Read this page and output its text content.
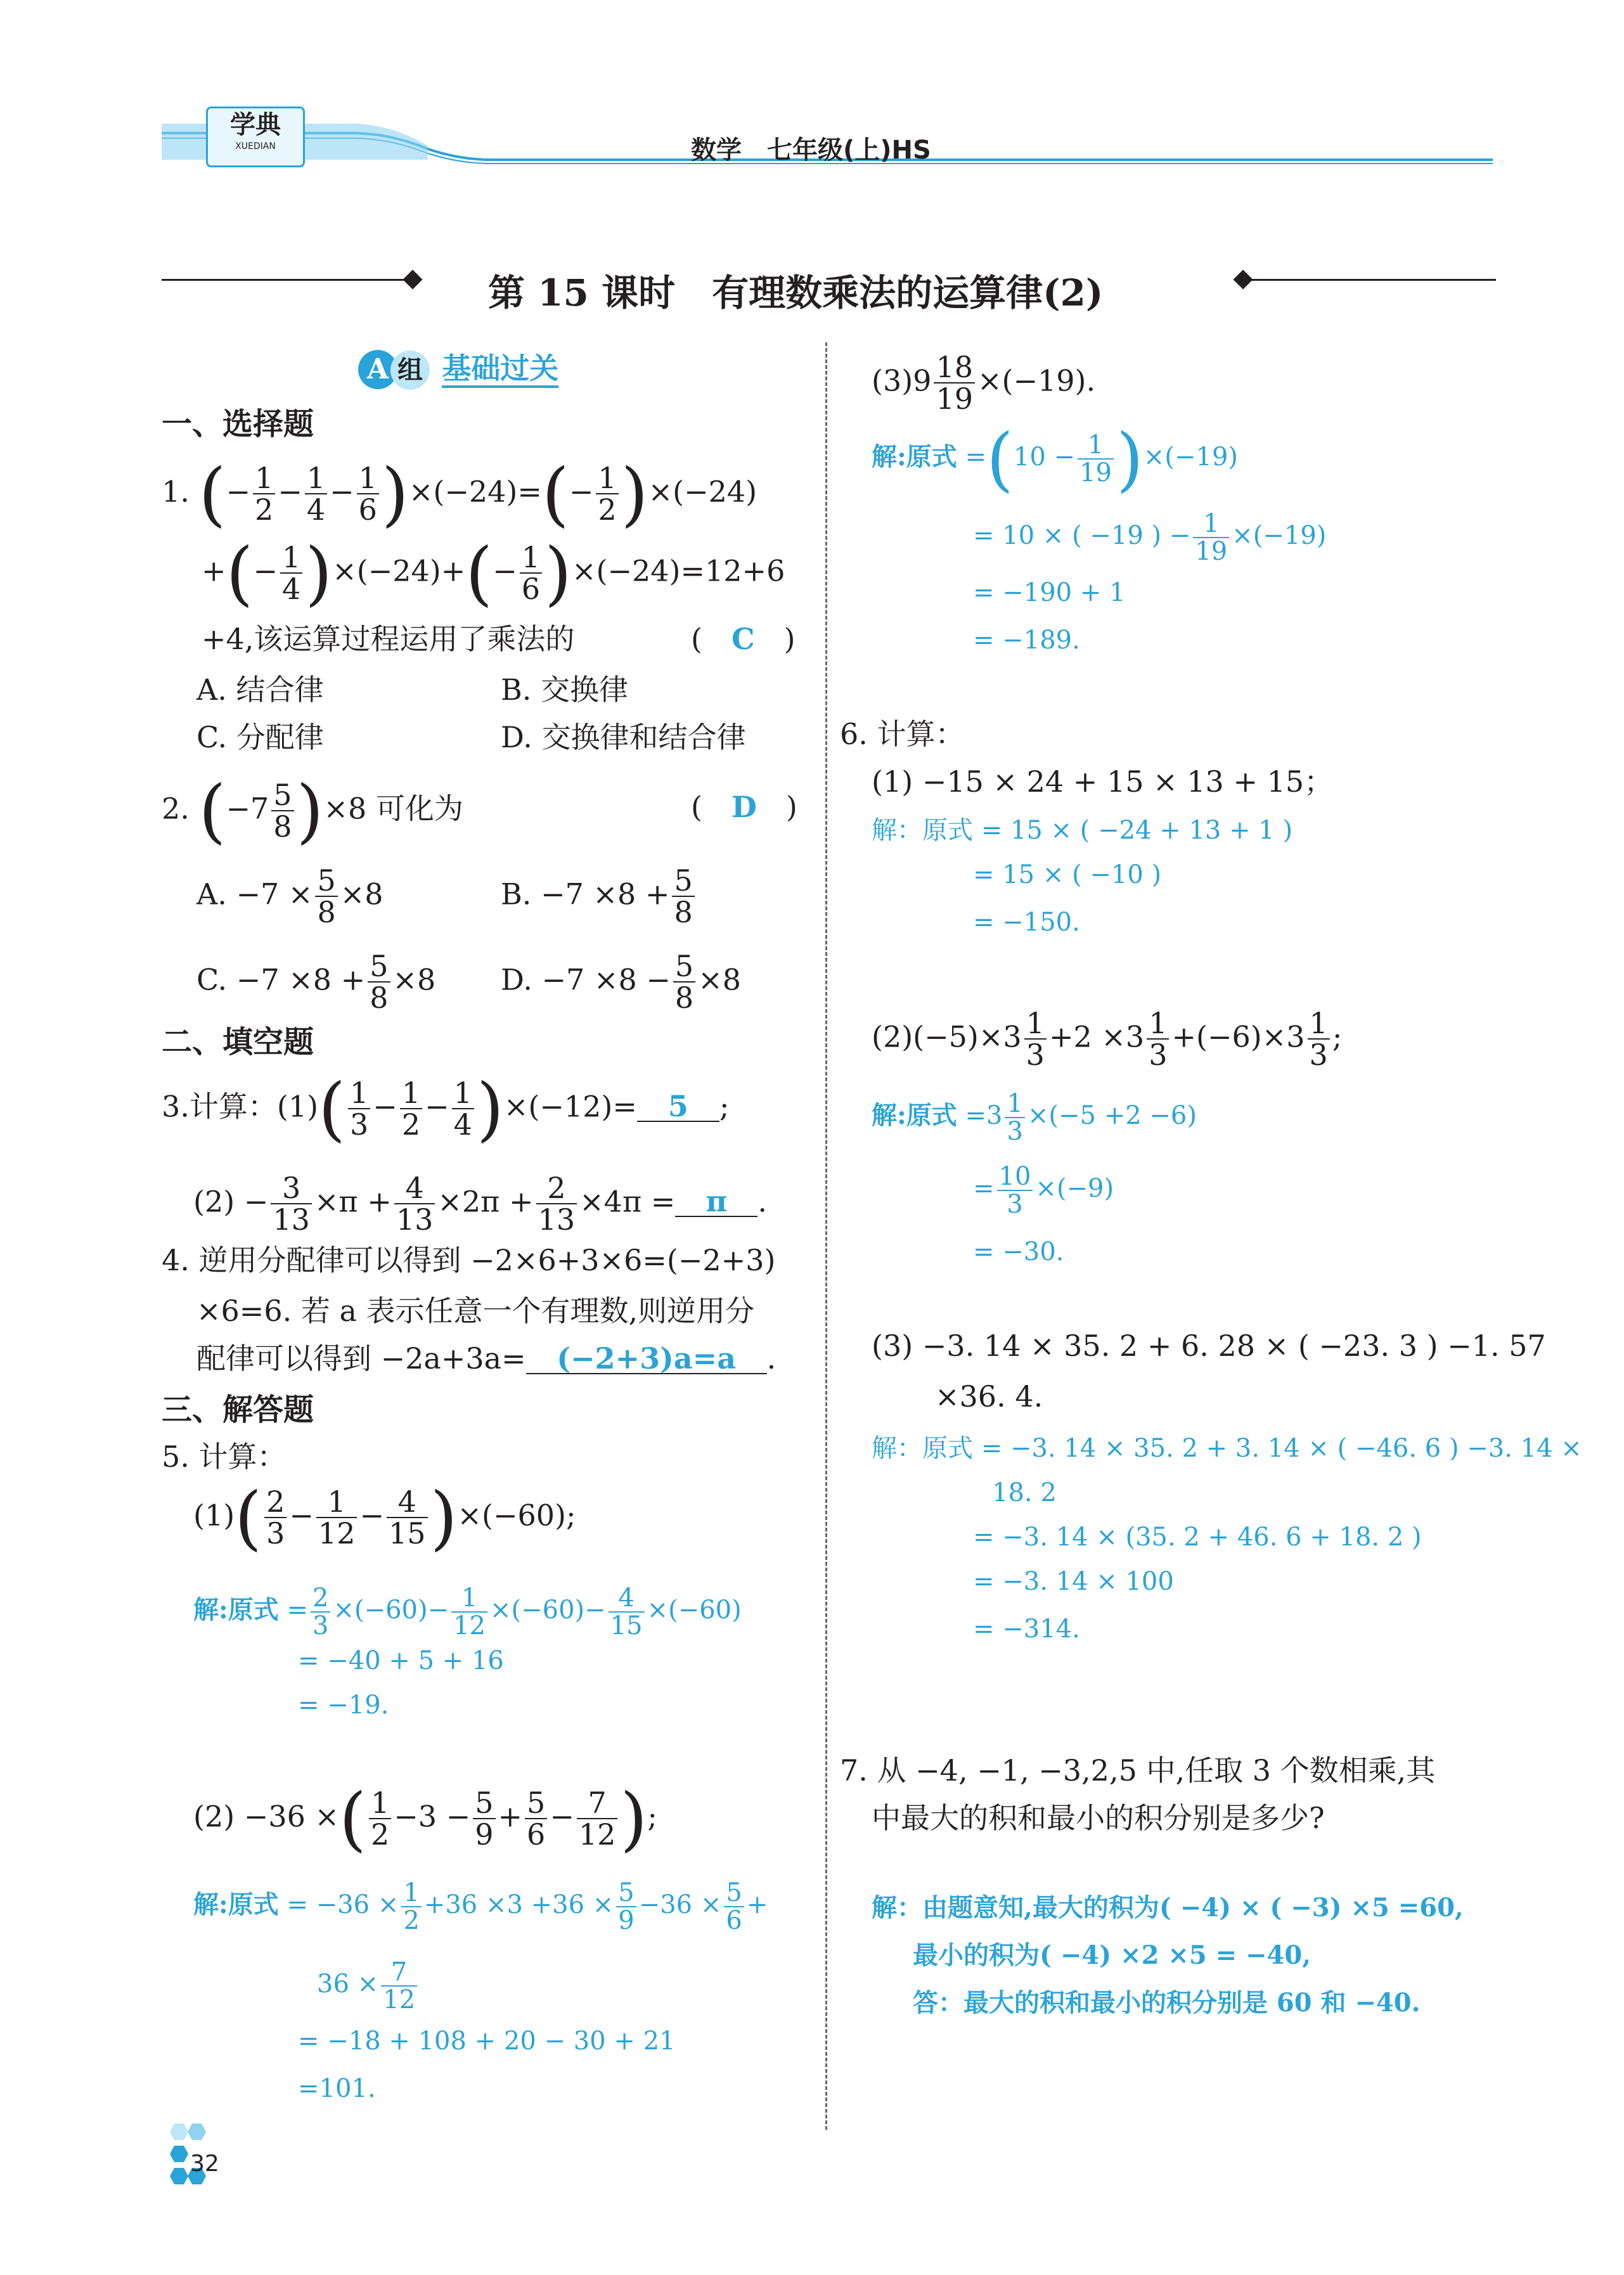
学典
XUEDIAN	数学　七年级(上)HS
第 15 课时　有理数乘法的运算律(2)
A 组 基础过关
一、选择题
1. (− $\frac{1}{2} - \frac{1}{4} - \frac{1}{6} )\times(-24)=(- \frac{1}{2} )\times(-24)$
+(− $\frac{1}{4} )\times(-24)+(- \frac{1}{6} )\times(-24)=12+6$
+4,该运算过程运用了乘法的	(　C　)
A. 结合律	B. 交换律
C. 分配律	D. 交换律和结合律
2. $(-7 \frac{5}{8} )\times 8$ 可化为	(　D　)
A. $-7 \times \frac{5}{8} \times 8$	B. $-7 \times 8 + \frac{5}{8}$
C. $-7 \times 8 + \frac{5}{8} \times 8$ D. $-7 \times 8 - \frac{5}{8} \times 8$
二、填空题
3.计算：$(1)( \frac{1}{3} - \frac{1}{2} - \frac{1}{4} )\times(-12)= 5$ ;
$(2) - \frac{3}{13} \times\pi + \frac{4}{13} \times 2\pi + \frac{2}{13} \times 4\pi = \pi$ .
4. 逆用分配律可以得到 −2×6+3×6=(−2+3)
×6=6. 若 a 表示任意一个有理数,则逆用分
配律可以得到 −2a+3a= (−2+3)a=a .
三、解答题
5. 计算：
$(1)( \frac{2}{3} - \frac{1}{12} - \frac{4}{15} )\times(-60)$;
解:原式 = $\frac{2}{3} \times(-60)- \frac{1}{12} \times(-60)- \frac{4}{15} \times(-60)$
= −40 + 5 + 16
= −19.
(2) −36 ×( $\frac{1}{2} -3 - \frac{5}{9} + \frac{5}{6} - \frac{7}{12}$ );
解:原式 = $-36 \times \frac{1}{2} +36 \times 3 +36 \times \frac{5}{9} -36 \times \frac{5}{6}$ +
$36 \times \frac{7}{12}$
= −18 + 108 + 20 − 30 + 21
=101.
$(3)9 \frac{18}{19} \times(-19)$.
解:原式 $=(10 - \frac{1}{19} )\times(-19)$
= 10 × ( −19 ) − $\frac{1}{19} \times(-19)$
= −190 + 1
= −189.
6. 计算：
(1) −15 × 24 + 15 × 13 + 15；
解：原式 = 15 × ( −24 + 13 + 1 )
= 15 × ( −10 )
= −150.
$(2)(-5)\times 3 \frac{1}{3} +2 \times 3 \frac{1}{3} +(-6)\times 3 \frac{1}{3}$ ;
解:原式 $=3 \frac{1}{3} \times(-5 +2 -6)$
= $\frac{10}{3} \times(-9)$
= −30.
(3) −3. 14 × 35. 2 + 6. 28 × ( −23. 3 ) −1. 57
×36. 4.
解：原式 = −3. 14 × 35. 2 + 3. 14 × ( −46. 6 ) −3. 14 ×
18. 2
= −3. 14 × (35. 2 + 46. 6 + 18. 2 )
= −3. 14 × 100
= −314.
7. 从 −4, −1, −3,2,5 中,任取 3 个数相乘,其
中最大的积和最小的积分别是多少?
解：由题意知,最大的积为( −4) × ( −3) ×5 =60,
最小的积为( −4) ×2 ×5 = −40,
答：最大的积和最小的积分别是 60 和 −40.
32
